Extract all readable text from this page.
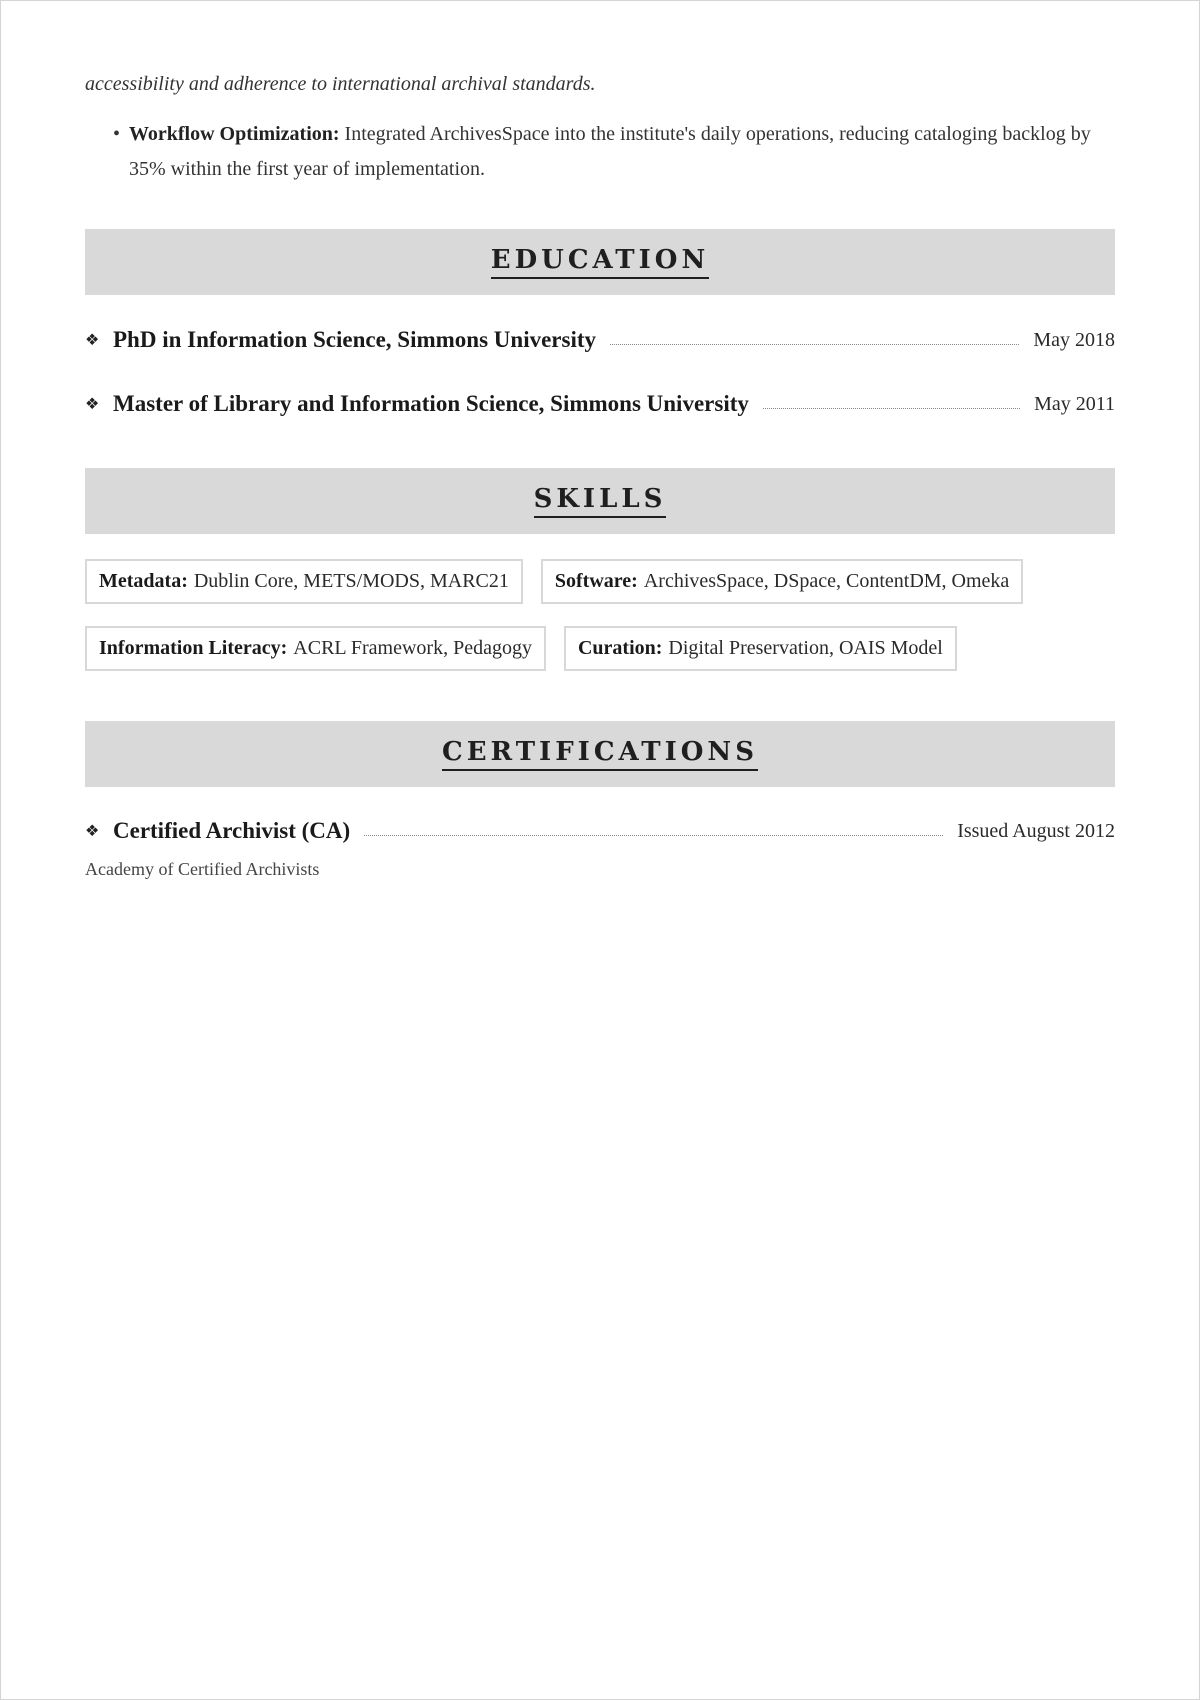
accessibility and adherence to international archival standards.
• Workflow Optimization: Integrated ArchivesSpace into the institute's daily operations, reducing cataloging backlog by 35% within the first year of implementation.
EDUCATION
❖ PhD in Information Science, Simmons University	May 2018
❖ Master of Library and Information Science, Simmons University	May 2011
SKILLS
Metadata: Dublin Core, METS/MODS, MARC21 Software: ArchivesSpace, DSpace, ContentDM, Omeka
Information Literacy: ACRL Framework, Pedagogy Curation: Digital Preservation, OAIS Model
CERTIFICATIONS
❖ Certified Archivist (CA)	Issued August 2012
Academy of Certified Archivists
